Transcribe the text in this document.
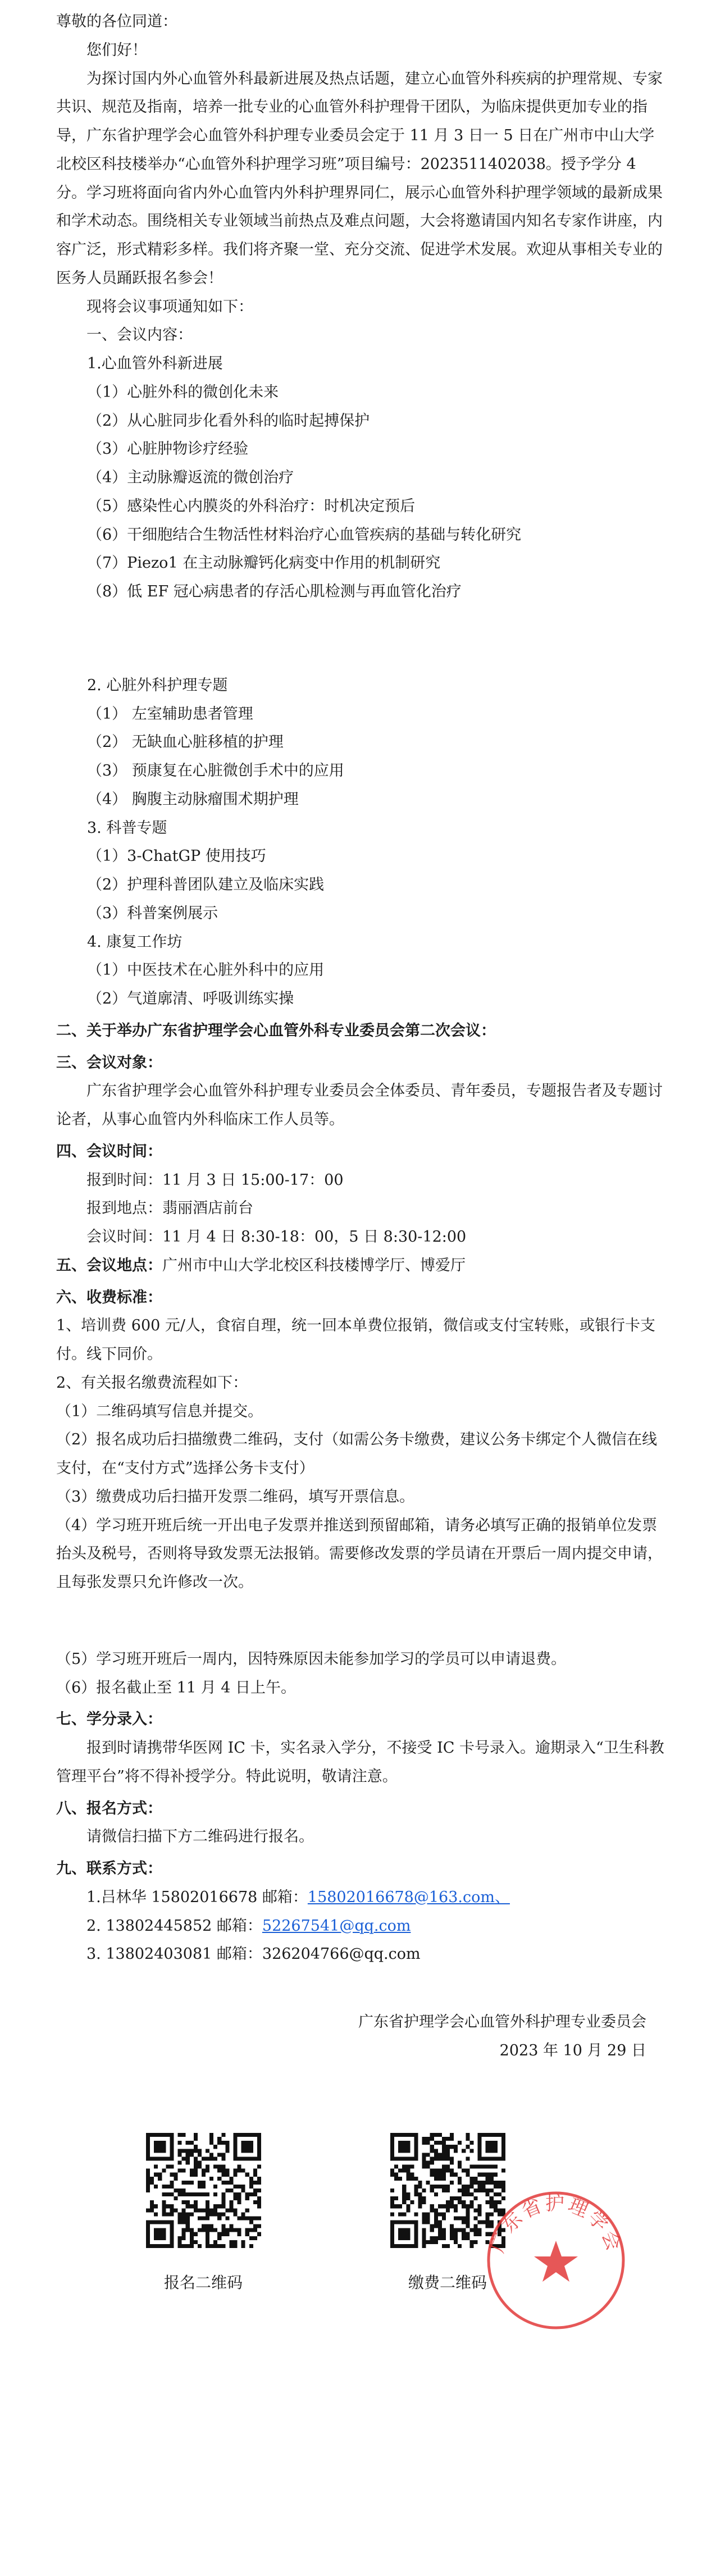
尊敬的各位同道：

您们好！

为探讨国内外心血管外科最新进展及热点话题，建立心血管外科疾病的护理常规、专家共识、规范及指南，培养一批专业的心血管外科护理骨干团队，为临床提供更加专业的指导，广东省护理学会心血管外科护理专业委员会定于 11 月 3 日一 5 日在广州市中山大学北校区科技楼举办“心血管外科护理学习班”项目编号：2023511402038。授予学分 4 分。学习班将面向省内外心血管内外科护理界同仁，展示心血管外科护理学领域的最新成果和学术动态。围绕相关专业领域当前热点及难点问题，大会将邀请国内知名专家作讲座，内容广泛，形式精彩多样。我们将齐聚一堂、充分交流、促进学术发展。欢迎从事相关专业的医务人员踊跃报名参会！

现将会议事项通知如下：

一、会议内容：

1.心血管外科新进展

（1）心脏外科的微创化未来

（2）从心脏同步化看外科的临时起搏保护

（3）心脏肿物诊疗经验

（4）主动脉瓣返流的微创治疗

（5）感染性心内膜炎的外科治疗：时机决定预后

（6）干细胞结合生物活性材料治疗心血管疾病的基础与转化研究

（7）Piezo1 在主动脉瓣钙化病变中作用的机制研究

（8）低 EF 冠心病患者的存活心肌检测与再血管化治疗

2. 心脏外科护理专题

（1） 左室辅助患者管理

（2） 无缺血心脏移植的护理

（3） 预康复在心脏微创手术中的应用

（4） 胸腹主动脉瘤围术期护理

3. 科普专题

（1）3-ChatGP 使用技巧

（2）护理科普团队建立及临床实践

（3）科普案例展示

4. 康复工作坊

（1）中医技术在心脏外科中的应用

（2）气道廓清、呼吸训练实操

二、关于举办广东省护理学会心血管外科专业委员会第二次会议：

三、会议对象：

广东省护理学会心血管外科护理专业委员会全体委员、青年委员，专题报告者及专题讨论者，从事心血管内外科临床工作人员等。

四、会议时间：

报到时间：11 月 3 日 15:00-17：00

报到地点：翡丽酒店前台

会议时间：11 月 4 日 8:30-18：00，5 日 8:30-12:00

五、会议地点：广州市中山大学北校区科技楼博学厅、博爱厅

六、收费标准：

1、培训费 600 元/人，食宿自理，统一回本单费位报销，微信或支付宝转账，或银行卡支付。线下同价。

2、有关报名缴费流程如下：

（1）二维码填写信息并提交。

（2）报名成功后扫描缴费二维码，支付（如需公务卡缴费，建议公务卡绑定个人微信在线支付，在“支付方式”选择公务卡支付）

（3）缴费成功后扫描开发票二维码，填写开票信息。

（4）学习班开班后统一开出电子发票并推送到预留邮箱，请务必填写正确的报销单位发票抬头及税号，否则将导致发票无法报销。需要修改发票的学员请在开票后一周内提交申请，且每张发票只允许修改一次。

（5）学习班开班后一周内，因特殊原因未能参加学习的学员可以申请退费。

（6）报名截止至 11 月 4 日上午。

七、学分录入：

报到时请携带华医网 IC 卡，实名录入学分，不接受 IC 卡号录入。逾期录入“卫生科教管理平台”将不得补授学分。特此说明，敬请注意。

八、报名方式：

请微信扫描下方二维码进行报名。

九、联系方式：

1.吕林华 15802016678 邮箱：15802016678@163.com、

2. 13802445852 邮箱：52267541@qq.com

3. 13802403081 邮箱：326204766@qq.com

广东省护理学会心血管外科护理专业委员会

2023 年 10 月 29 日

报名二维码	缴费二维码
广东省护理学会
